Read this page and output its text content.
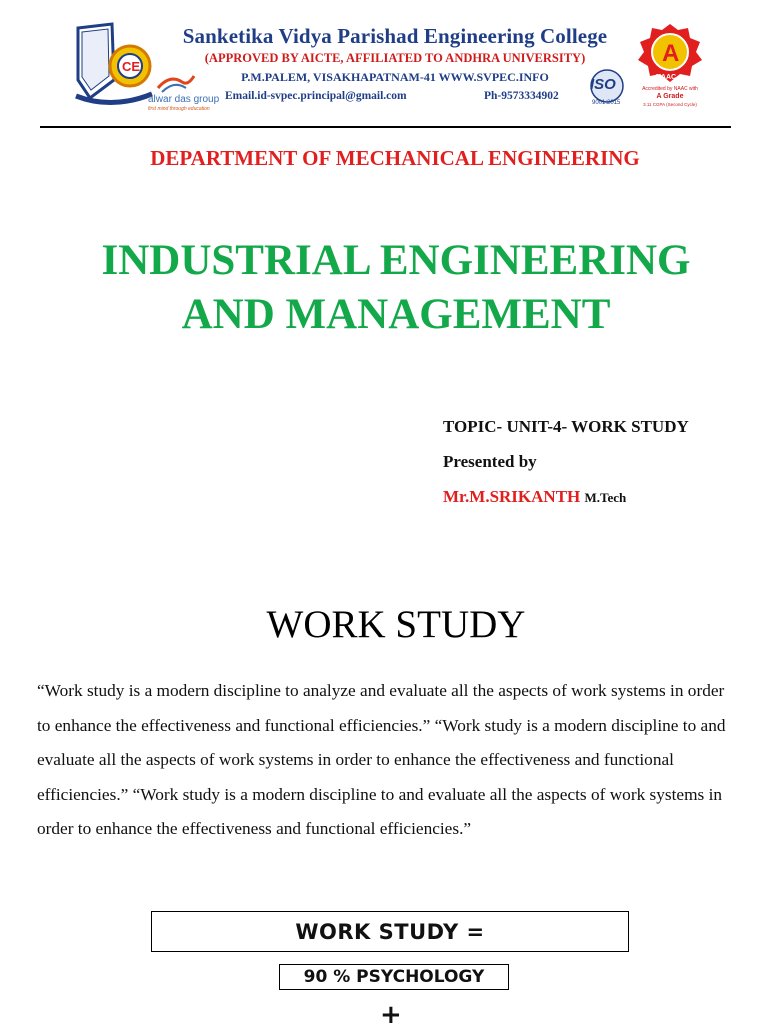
CE
alwar das group
first mind through education
Sanketika Vidya Parishad Engineering College
(APPROVED BY AICTE, AFFILIATED TO ANDHRA UNIVERSITY)
P.M.PALEM, VISAKHAPATNAM-41 WWW.SVPEC.INFO
Email.id-svpec.principal@gmail.com	Ph-9573334902
ISO
9001:2015
A
NAAC
Accredited by NAAC with
A Grade
3.11 CGPA (Second Cycle)
DEPARTMENT OF MECHANICAL ENGINEERING
INDUSTRIAL ENGINEERING
AND MANAGEMENT
TOPIC- UNIT-4- WORK STUDY
Presented by
Mr.M.SRIKANTH M.Tech
WORK STUDY

“Work study is a modern discipline to analyze and evaluate all the aspects of work systems in order to enhance the effectiveness and functional efficiencies.” “Work study is a modern discipline to and evaluate all the aspects of work systems in order to enhance the effectiveness and functional efficiencies.” “Work study is a modern discipline to and evaluate all the aspects of work systems in order to enhance the effectiveness and functional efficiencies.”

WORK STUDY =
90 % PSYCHOLOGY
+
